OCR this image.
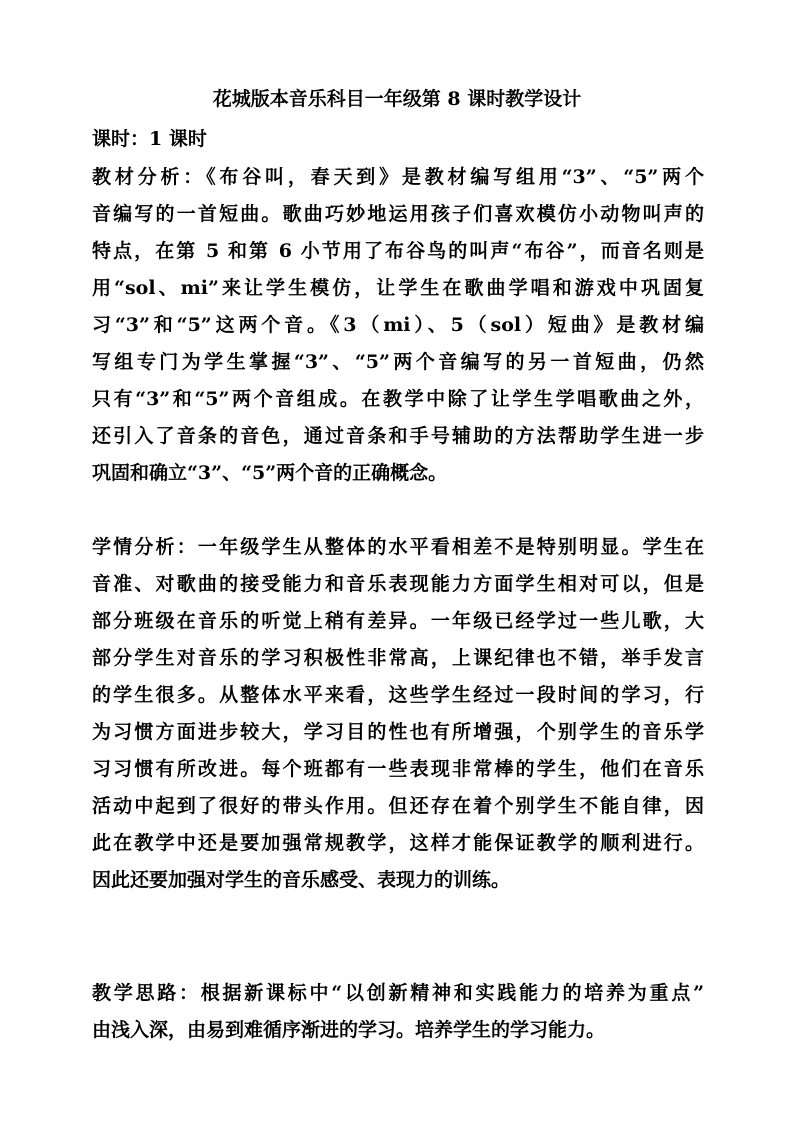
花城版本音乐科目一年级第 8 课时教学设计
课时：1 课时
教材分析：《布谷叫，春天到》是教材编写组用“3”、“5”两个
音编写的一首短曲。歌曲巧妙地运用孩子们喜欢模仿小动物叫声的
特点，在第 5 和第 6 小节用了布谷鸟的叫声“布谷”，而音名则是
用“sol、mi”来让学生模仿，让学生在歌曲学唱和游戏中巩固复
习“3”和“5”这两个音。《3（mi）、5（sol）短曲》是教材编
写组专门为学生掌握“3”、“5”两个音编写的另一首短曲，仍然
只有“3”和“5”两个音组成。在教学中除了让学生学唱歌曲之外，
还引入了音条的音色，通过音条和手号辅助的方法帮助学生进一步
巩固和确立“3”、“5”两个音的正确概念。
学情分析：一年级学生从整体的水平看相差不是特别明显。学生在
音准、对歌曲的接受能力和音乐表现能力方面学生相对可以，但是
部分班级在音乐的听觉上稍有差异。一年级已经学过一些儿歌，大
部分学生对音乐的学习积极性非常高，上课纪律也不错，举手发言
的学生很多。从整体水平来看，这些学生经过一段时间的学习，行
为习惯方面进步较大，学习目的性也有所增强，个别学生的音乐学
习习惯有所改进。每个班都有一些表现非常棒的学生，他们在音乐
活动中起到了很好的带头作用。但还存在着个别学生不能自律，因
此在教学中还是要加强常规教学，这样才能保证教学的顺利进行。
因此还要加强对学生的音乐感受、表现力的训练。
教学思路：根据新课标中“以创新精神和实践能力的培养为重点”
由浅入深，由易到难循序渐进的学习。培养学生的学习能力。
